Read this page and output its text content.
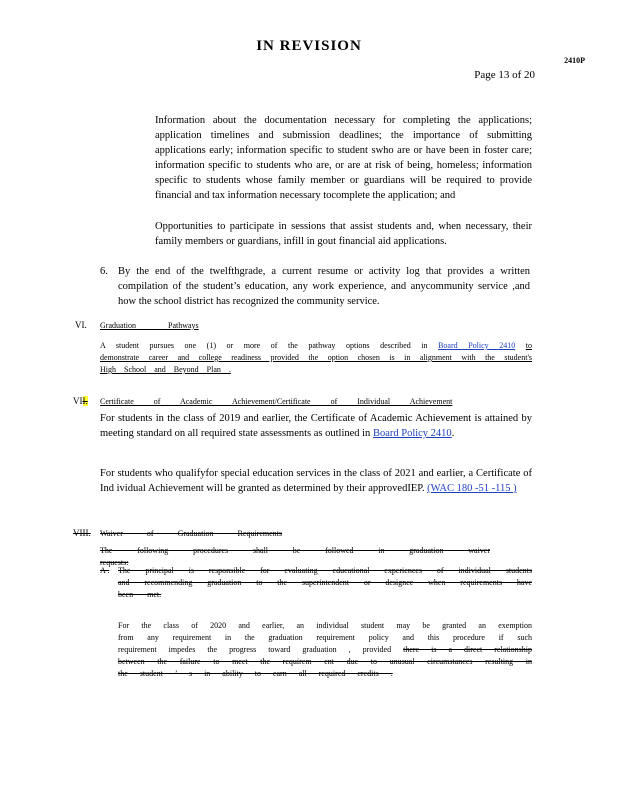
IN REVISION
2410P
Page 13 of 20
Information about the documentation necessary for completing the applications; application timelines and submission deadlines; the importance of submitting applications early; information specific to student swho are or have been in foster care; information specific to students who are, or are at risk of being, homeless; information specific to students whose family member or guardians will be required to provide financial and tax information necessary tocomplete the application; and
Opportunities to participate in sessions that assist students and, when necessary, their family members or guardians, infill in gout financial aid applications.
6. By the end of the twelfthgrade, a current resume or activity log that provides a written compilation of the student’s education, any work experience, and anycommunity service ,and how the school district has recognized the community service.
VI. Graduation Pathways
A student pursues one (1) or more of the pathway options described in Board Policy 2410 to demonstrate career and college readiness provided the option chosen is in alignment with the student's High School and Beyond Plan .
VII. Certificate of Academic Achievement/Certificate of Individual Achievement
For students in the class of 2019 and earlier, the Certificate of Academic Achievement is attained by meeting standard on all required state assessments as outlined in Board Policy 2410.
For students who qualifyfor special education services in the class of 2021 and earlier, a Certificate of Ind ividual Achievement will be granted as determined by their approvedIEP. (WAC 180 -51 -115 )
VIII. Waiver of Graduation Requirements
The following procedures shall be followed in graduation waiver requests:
A . The principal is responsible for evaluating educational experiences of individual students and recommending graduation to the superintendent or designee when requirements have been met.
For the class of 2020 and earlier, an individual student may be granted an exemption from any requirement in the graduation requirement policy and this procedure if such requirement impedes the progress toward graduation , provided there is a direct relationship between the failure to meet the requirem ent due to unusual circumstances resulting in the student ’ s in ability to earn all required credits .
